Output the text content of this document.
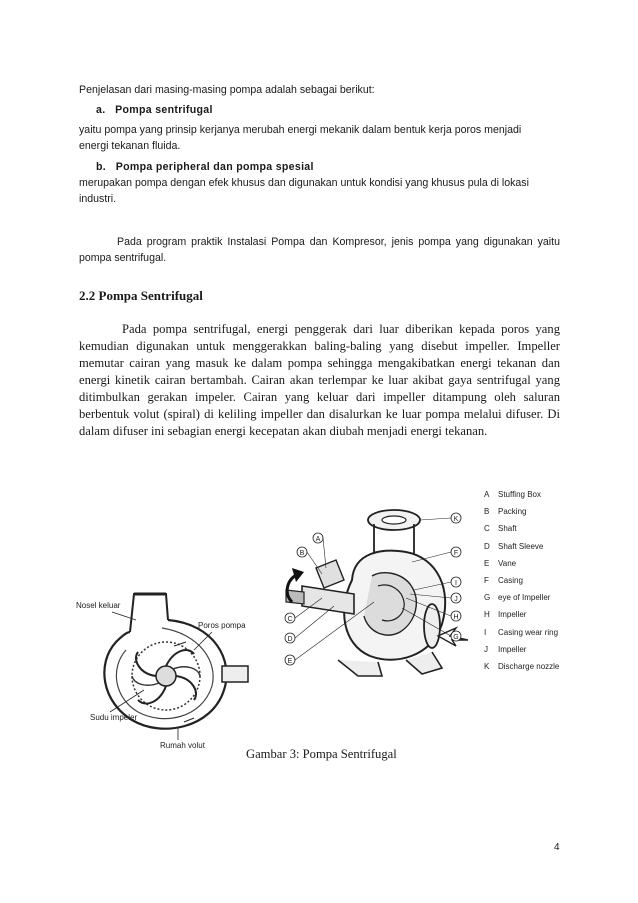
Penjelasan dari masing-masing pompa adalah sebagai berikut:
a. Pompa sentrifugal
yaitu pompa yang prinsip kerjanya merubah energi mekanik dalam bentuk kerja poros menjadi
energi tekanan fluida.
b. Pompa peripheral dan pompa spesial
merupakan pompa dengan efek khusus dan digunakan untuk kondisi yang khusus pula di lokasi
industri.
Pada program praktik Instalasi Pompa dan Kompresor, jenis pompa yang digunakan yaitu
pompa sentrifugal.
2.2 Pompa Sentrifugal
Pada pompa sentrifugal, energi penggerak dari luar diberikan kepada poros yang
kemudian digunakan untuk menggerakkan baling-baling yang disebut impeller. Impeller
memutar cairan yang masuk ke dalam pompa sehingga mengakibatkan energi tekanan dan
energi kinetik cairan bertambah. Cairan akan terlempar ke luar akibat gaya sentrifugal yang
ditimbulkan gerakan impeler. Cairan yang keluar dari impeller ditampung oleh saluran
berbentuk volut (spiral) di keliling impeller dan disalurkan ke luar pompa melalui difuser. Di
dalam difuser ini sebagian energi kecepatan akan diubah menjadi energi tekanan.
Nosel keluar
Poros pompa
Sudu impeler
Rumah volut
A
B
C
D
E
F
G
H
I
J
K
A Stuffing Box
B Packing
C Shaft
D Shaft Sleeve
E Vane
F Casing
G eye of Impeller
H Impeller
I Casing wear ring
J Impeller
K Discharge nozzle
Gambar 3: Pompa Sentrifugal
4
